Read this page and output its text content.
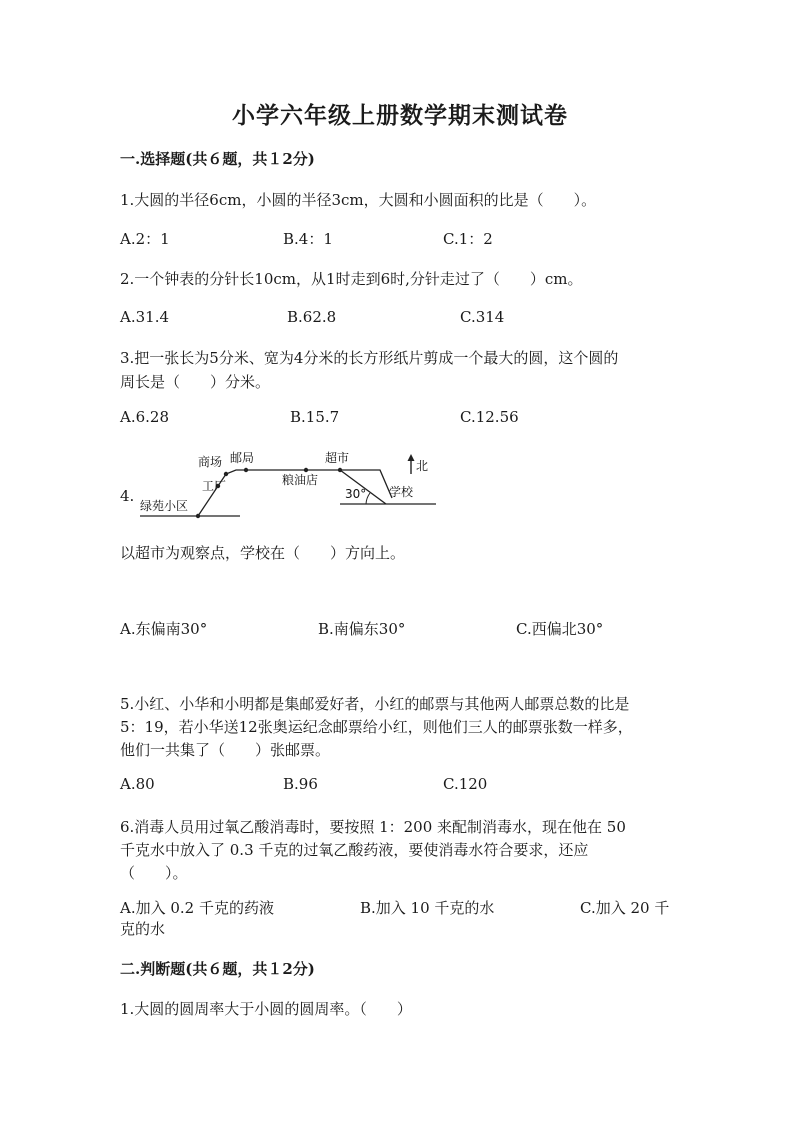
小学六年级上册数学期末测试卷
一.选择题(共６题，共１2分)
1.大圆的半径6cm，小圆的半径3cm，大圆和小圆面积的比是（　　）。
A.2：1	B.4：1	C.1：2
2.一个钟表的分针长10cm，从1时走到6时,分针走过了（　　）cm。
A.31.4	B.62.8	C.314
3.把一张长为5分米、宽为4分米的长方形纸片剪成一个最大的圆，这个圆的
周长是（　　）分米。
A.6.28	B.15.7	C.12.56
4.
商场 邮局	超市
工厂	粮油店
30° 学校
北
绿苑小区
以超市为观察点，学校在（　　）方向上。
A.东偏南30°	B.南偏东30°	C.西偏北30°
5.小红、小华和小明都是集邮爱好者，小红的邮票与其他两人邮票总数的比是
5：19，若小华送12张奥运纪念邮票给小红，则他们三人的邮票张数一样多，
他们一共集了（　　）张邮票。
A.80	B.96	C.120
6.消毒人员用过氧乙酸消毒时，要按照 1：200 来配制消毒水，现在他在 50
千克水中放入了 0.3 千克的过氧乙酸药液，要使消毒水符合要求，还应
（　　）。
A.加入 0.2 千克的药液	B.加入 10 千克的水	C.加入 20 千
克的水
二.判断题(共６题，共１2分)
1.大圆的圆周率大于小圆的圆周率。（　　）
